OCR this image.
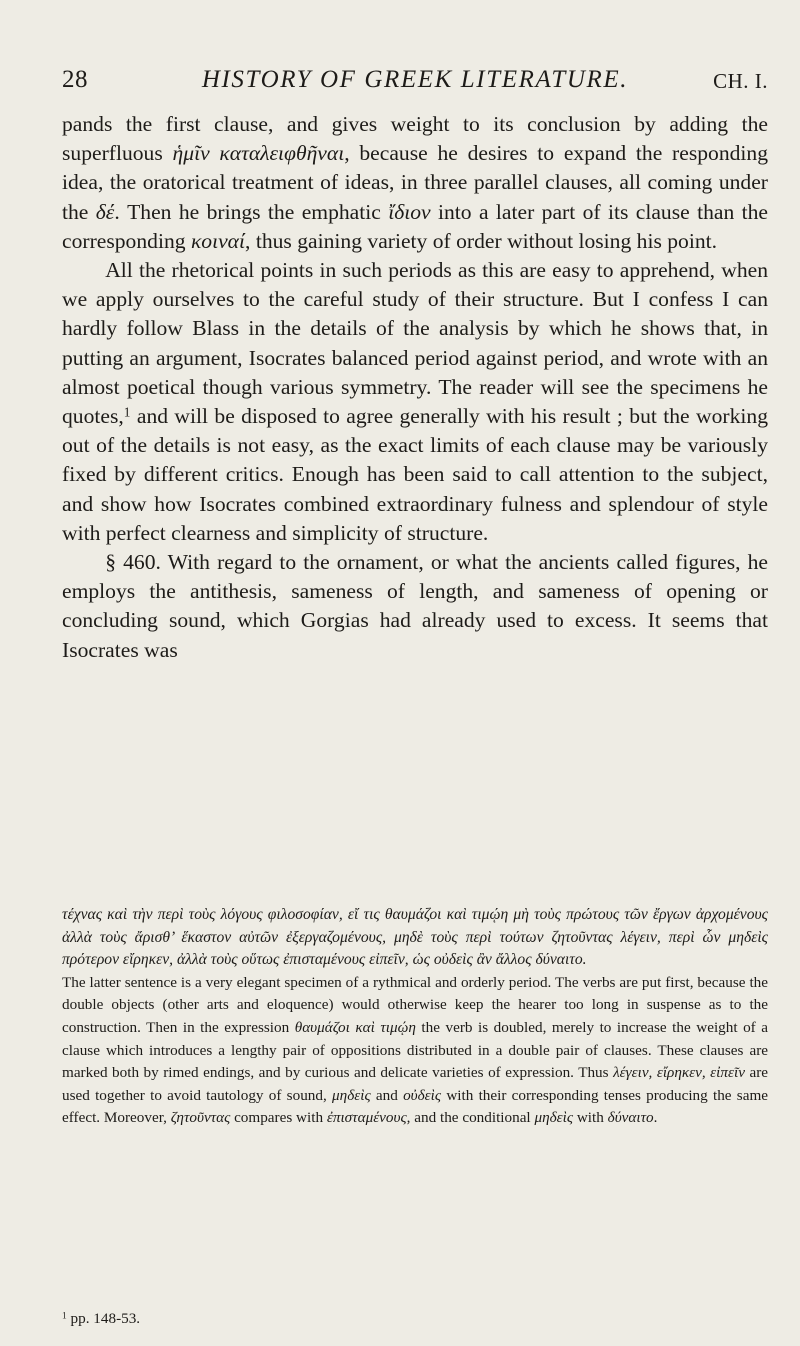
28	HISTORY OF GREEK LITERATURE.	CH. I.

pands the first clause, and gives weight to its conclusion by adding the superfluous ἡμῖν καταλειφθῆναι, because he desires to expand the responding idea, the oratorical treatment of ideas, in three parallel clauses, all coming under the δέ. Then he brings the emphatic ἴδιον into a later part of its clause than the corresponding κοιναί, thus gaining variety of order without losing his point.

All the rhetorical points in such periods as this are easy to apprehend, when we apply ourselves to the careful study of their structure. But I confess I can hardly follow Blass in the details of the analysis by which he shows that, in putting an argument, Isocrates balanced period against period, and wrote with an almost poetical though various symmetry. The reader will see the specimens he quotes,$^1$ and will be disposed to agree generally with his result ; but the working out of the details is not easy, as the exact limits of each clause may be variously fixed by different critics. Enough has been said to call attention to the subject, and show how Isocrates combined extraordinary fulness and splendour of style with perfect clearness and simplicity of structure.

§ 460. With regard to the ornament, or what the ancients called figures, he employs the antithesis, sameness of length, and sameness of opening or concluding sound, which Gorgias had already used to excess. It seems that Isocrates was

τέχνας καὶ τὴν περὶ τοὺς λόγους φιλοσοφίαν, εἴ τις θαυμάζοι καὶ τιμῴη μὴ τοὺς πρώτους τῶν ἔργων ἀρχομένους ἀλλὰ τοὺς ἄρισθ’ ἕκαστον αὐτῶν ἐξεργαζομένους, μηδὲ τοὺς περὶ τούτων ζητοῦντας λέγειν, περὶ ὧν μηδεὶς πρότερον εἴρηκεν, ἀλλὰ τοὺς οὕτως ἐπισταμένους εἰπεῖν, ὡς οὐδεὶς ἂν ἄλλος δύναιτο.

The latter sentence is a very elegant specimen of a rythmical and orderly period. The verbs are put first, because the double objects (other arts and eloquence) would otherwise keep the hearer too long in suspense as to the construction. Then in the expression θαυμάζοι καὶ τιμῴη the verb is doubled, merely to increase the weight of a clause which introduces a lengthy pair of oppositions distributed in a double pair of clauses. These clauses are marked both by rimed endings, and by curious and delicate varieties of expression. Thus λέγειν, εἴρηκεν, εἰπεῖν are used together to avoid tautology of sound, μηδεὶς and οὐδεὶς with their corresponding tenses producing the same effect. Moreover, ζητοῦντας compares with ἐπισταμένους, and the conditional μηδεὶς with δύναιτο.

$^1$ pp. 148-53.
